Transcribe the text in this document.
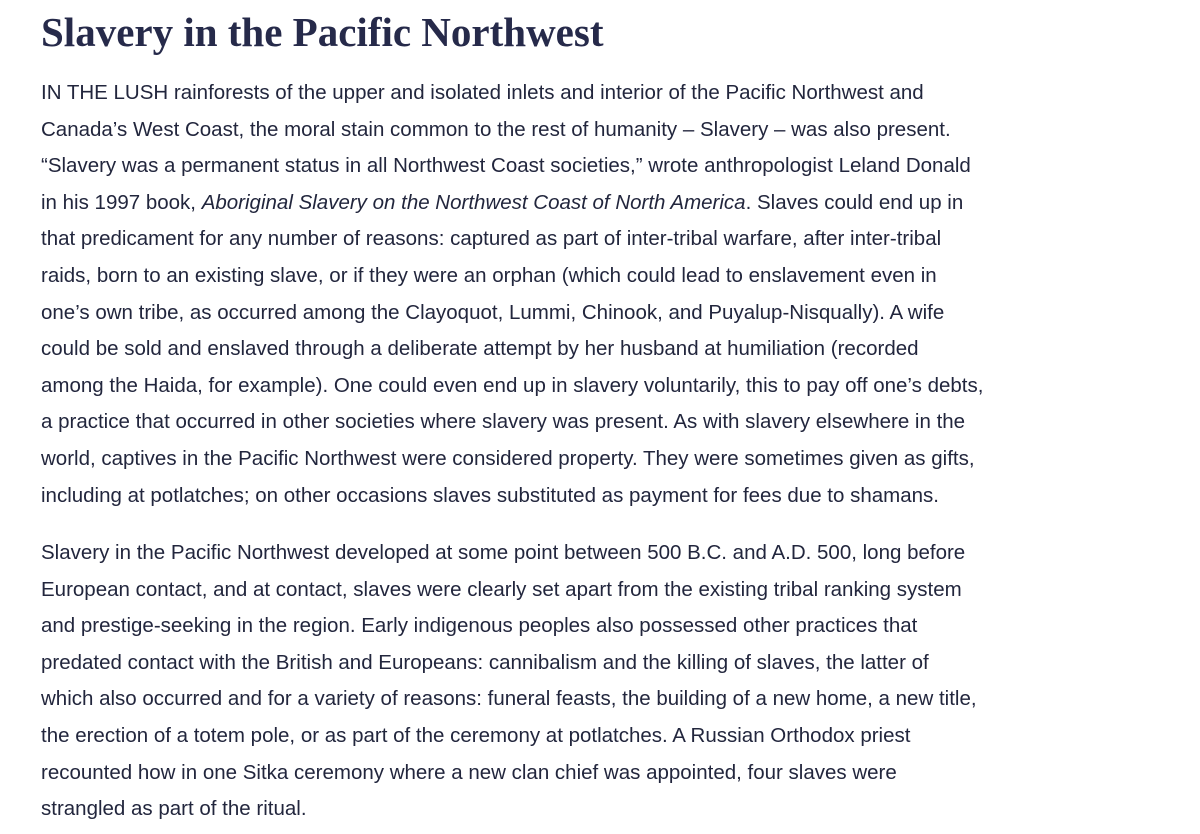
Slavery in the Pacific Northwest

IN THE LUSH rainforests of the upper and isolated inlets and interior of the Pacific Northwest and
Canada’s West Coast, the moral stain common to the rest of humanity – Slavery – was also present.
“Slavery was a permanent status in all Northwest Coast societies,” wrote anthropologist Leland Donald
in his 1997 book, Aboriginal Slavery on the Northwest Coast of North America. Slaves could end up in
that predicament for any number of reasons: captured as part of inter-tribal warfare, after inter-tribal
raids, born to an existing slave, or if they were an orphan (which could lead to enslavement even in
one’s own tribe, as occurred among the Clayoquot, Lummi, Chinook, and Puyalup-Nisqually). A wife
could be sold and enslaved through a deliberate attempt by her husband at humiliation (recorded
among the Haida, for example). One could even end up in slavery voluntarily, this to pay off one’s debts,
a practice that occurred in other societies where slavery was present. As with slavery elsewhere in the
world, captives in the Pacific Northwest were considered property. They were sometimes given as gifts,
including at potlatches; on other occasions slaves substituted as payment for fees due to shamans.

Slavery in the Pacific Northwest developed at some point between 500 B.C. and A.D. 500, long before
European contact, and at contact, slaves were clearly set apart from the existing tribal ranking system
and prestige-seeking in the region. Early indigenous peoples also possessed other practices that
predated contact with the British and Europeans: cannibalism and the killing of slaves, the latter of
which also occurred and for a variety of reasons: funeral feasts, the building of a new home, a new title,
the erection of a totem pole, or as part of the ceremony at potlatches. A Russian Orthodox priest
recounted how in one Sitka ceremony where a new clan chief was appointed, four slaves were
strangled as part of the ritual.
